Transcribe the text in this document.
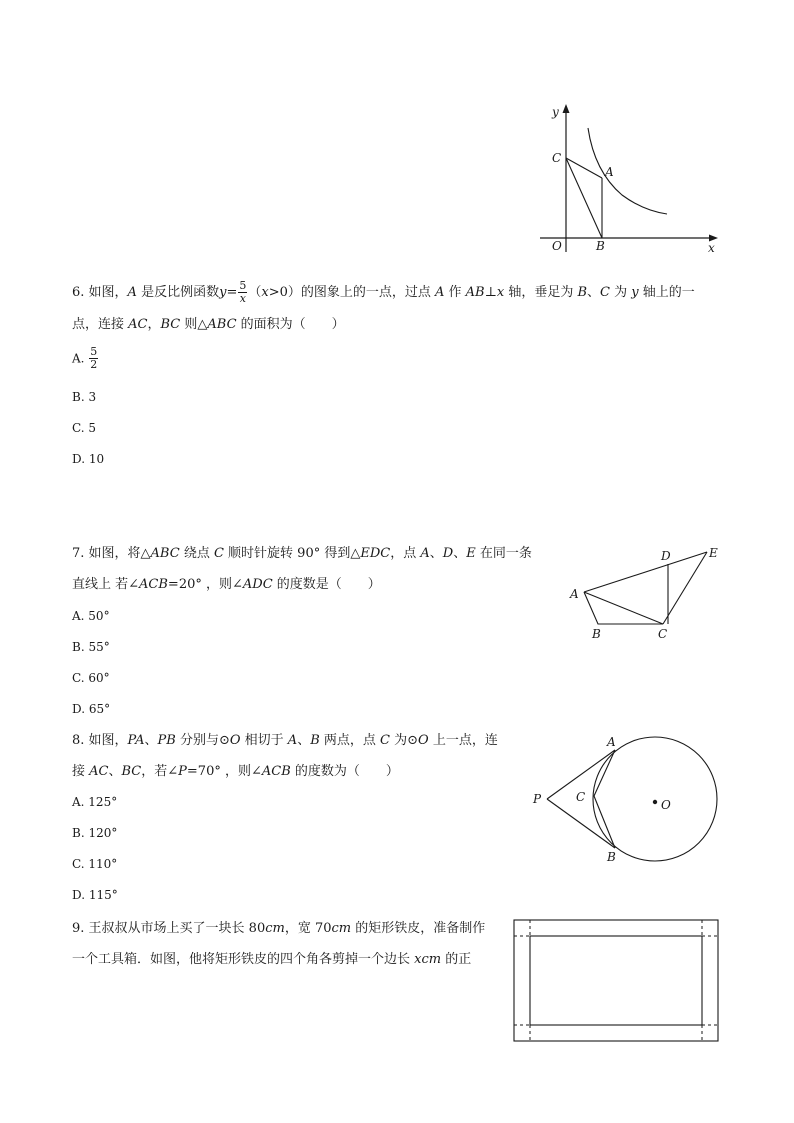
y
x
C
A
O	B
6. 如图，A 是反比例函数$y= \frac{5}{x} (x>0)$的图象上的一点，过点 A 作 AB⊥x 轴，垂足为 B、C 为 y 轴上的一
点，连接 AC，BC 则△ABC 的面积为（　　）
A. $\frac{5}{2}$
B. 3
C. 5
D. 10
7. 如图，将△ABC 绕点 C 顺时针旋转 90° 得到△EDC，点 A、D、E 在同一条
直线上 若∠ACB=20° ，则∠ADC 的度数是（　　）
A. 50°
B. 55°
C. 60°
D. 65°
A
B	C
D	E
8. 如图，PA、PB 分别与⊙O 相切于 A、B 两点，点 C 为⊙O 上一点，连
接 AC、BC，若∠P=70° ，则∠ACB 的度数为（　　）
A. 125°
B. 120°
C. 110°
D. 115°
A
P	C
O
B
9. 王叔叔从市场上买了一块长 80cm，宽 70cm 的矩形铁皮，准备制作
一个工具箱．如图，他将矩形铁皮的四个角各剪掉一个边长 xcm 的正
